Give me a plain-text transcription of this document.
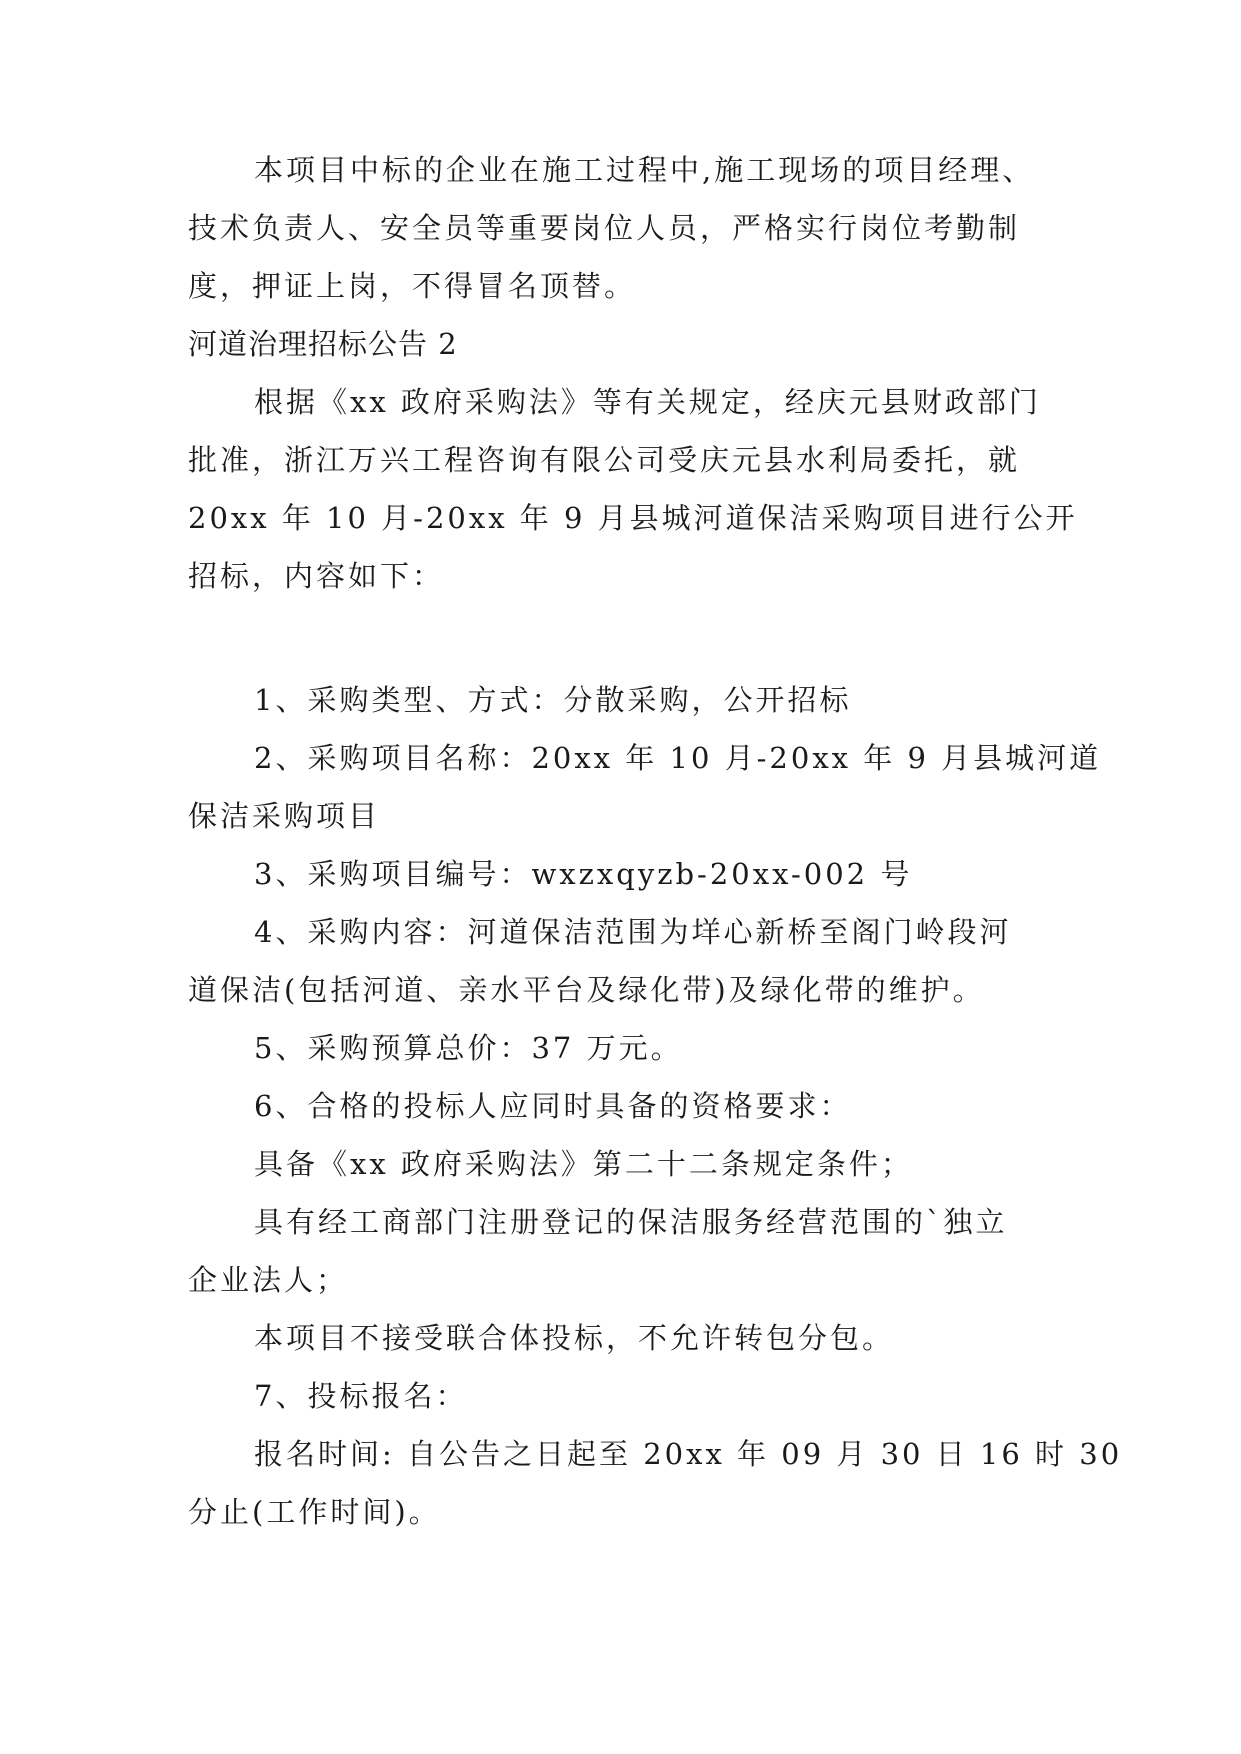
本项目中标的企业在施工过程中,施工现场的项目经理、
技术负责人、安全员等重要岗位人员，严格实行岗位考勤制
度，押证上岗，不得冒名顶替。
河道治理招标公告 2
根据《xx 政府采购法》等有关规定，经庆元县财政部门
批准，浙江万兴工程咨询有限公司受庆元县水利局委托，就
20xx 年 10 月-20xx 年 9 月县城河道保洁采购项目进行公开
招标，内容如下：
1、采购类型、方式：分散采购，公开招标
2、采购项目名称：20xx 年 10 月-20xx 年 9 月县城河道
保洁采购项目
3、采购项目编号：wxzxqyzb-20xx-002 号
4、采购内容：河道保洁范围为垟心新桥至阁门岭段河
道保洁(包括河道、亲水平台及绿化带)及绿化带的维护。
5、采购预算总价：37 万元。
6、合格的投标人应同时具备的资格要求：
具备《xx 政府采购法》第二十二条规定条件；
具有经工商部门注册登记的保洁服务经营范围的`独立
企业法人；
本项目不接受联合体投标，不允许转包分包。
7、投标报名：
报名时间: 自公告之日起至 20xx 年 09 月 30 日 16 时 30
分止(工作时间)。
